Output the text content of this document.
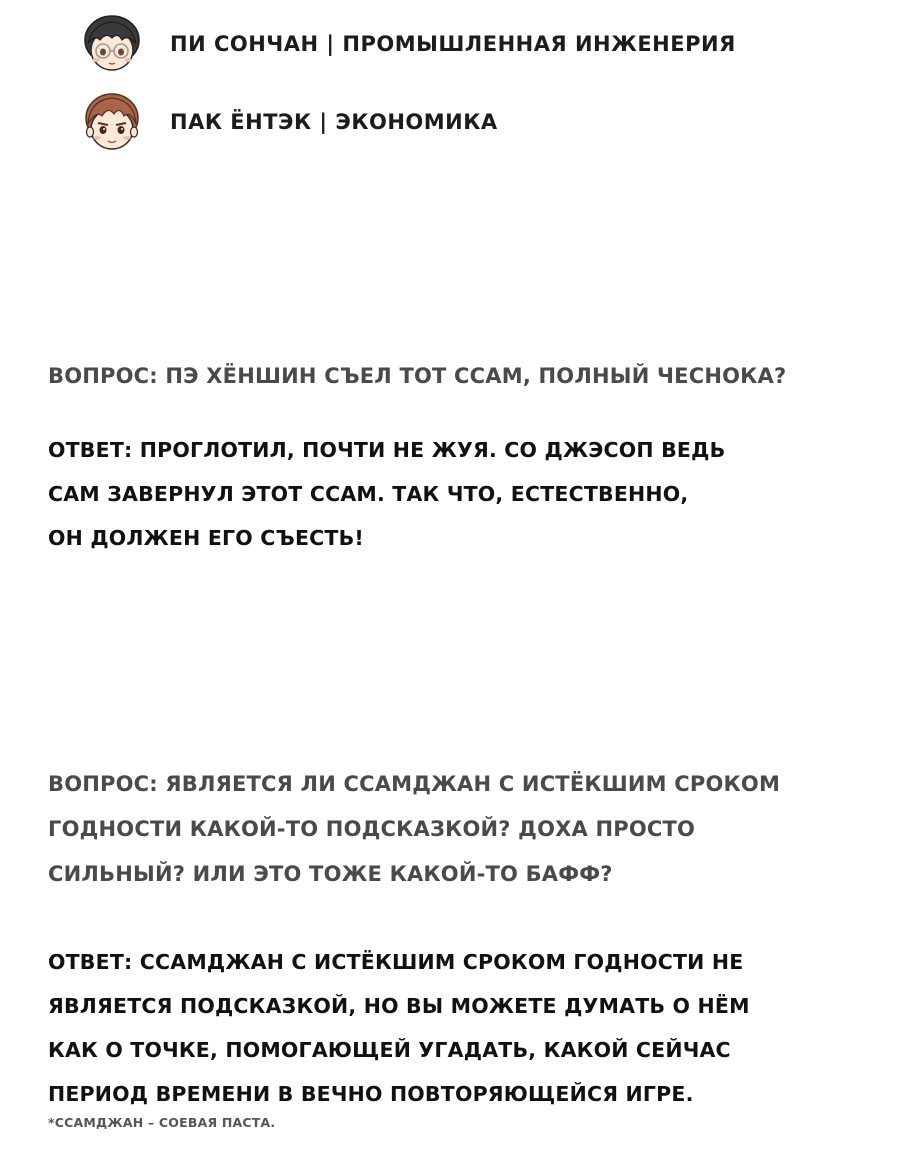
ПИ СОНЧАН | ПРОМЫШЛЕННАЯ ИНЖЕНЕРИЯ
ПАК ЁНТЭК | ЭКОНОМИКА
ВОПРОС: ПЭ ХЁНШИН СЪЕЛ ТОТ ССАМ, ПОЛНЫЙ ЧЕСНОКА?
ОТВЕТ: ПРОГЛОТИЛ, ПОЧТИ НЕ ЖУЯ. СО ДЖЭСОП ВЕДЬ
САМ ЗАВЕРНУЛ ЭТОТ ССАМ. ТАК ЧТО, ЕСТЕСТВЕННО,
ОН ДОЛЖЕН ЕГО СЪЕСТЬ!
ВОПРОС: ЯВЛЯЕТСЯ ЛИ ССАМДЖАН С ИСТЁКШИМ СРОКОМ
ГОДНОСТИ КАКОЙ-ТО ПОДСКАЗКОЙ? ДОХА ПРОСТО
СИЛЬНЫЙ? ИЛИ ЭТО ТОЖЕ КАКОЙ-ТО БАФФ?
ОТВЕТ: ССАМДЖАН С ИСТЁКШИМ СРОКОМ ГОДНОСТИ НЕ
ЯВЛЯЕТСЯ ПОДСКАЗКОЙ, НО ВЫ МОЖЕТЕ ДУМАТЬ О НЁМ
КАК О ТОЧКЕ, ПОМОГАЮЩЕЙ УГАДАТЬ, КАКОЙ СЕЙЧАС
ПЕРИОД ВРЕМЕНИ В ВЕЧНО ПОВТОРЯЮЩЕЙСЯ ИГРЕ.
*ССАМДЖАН – СОЕВАЯ ПАСТА.
